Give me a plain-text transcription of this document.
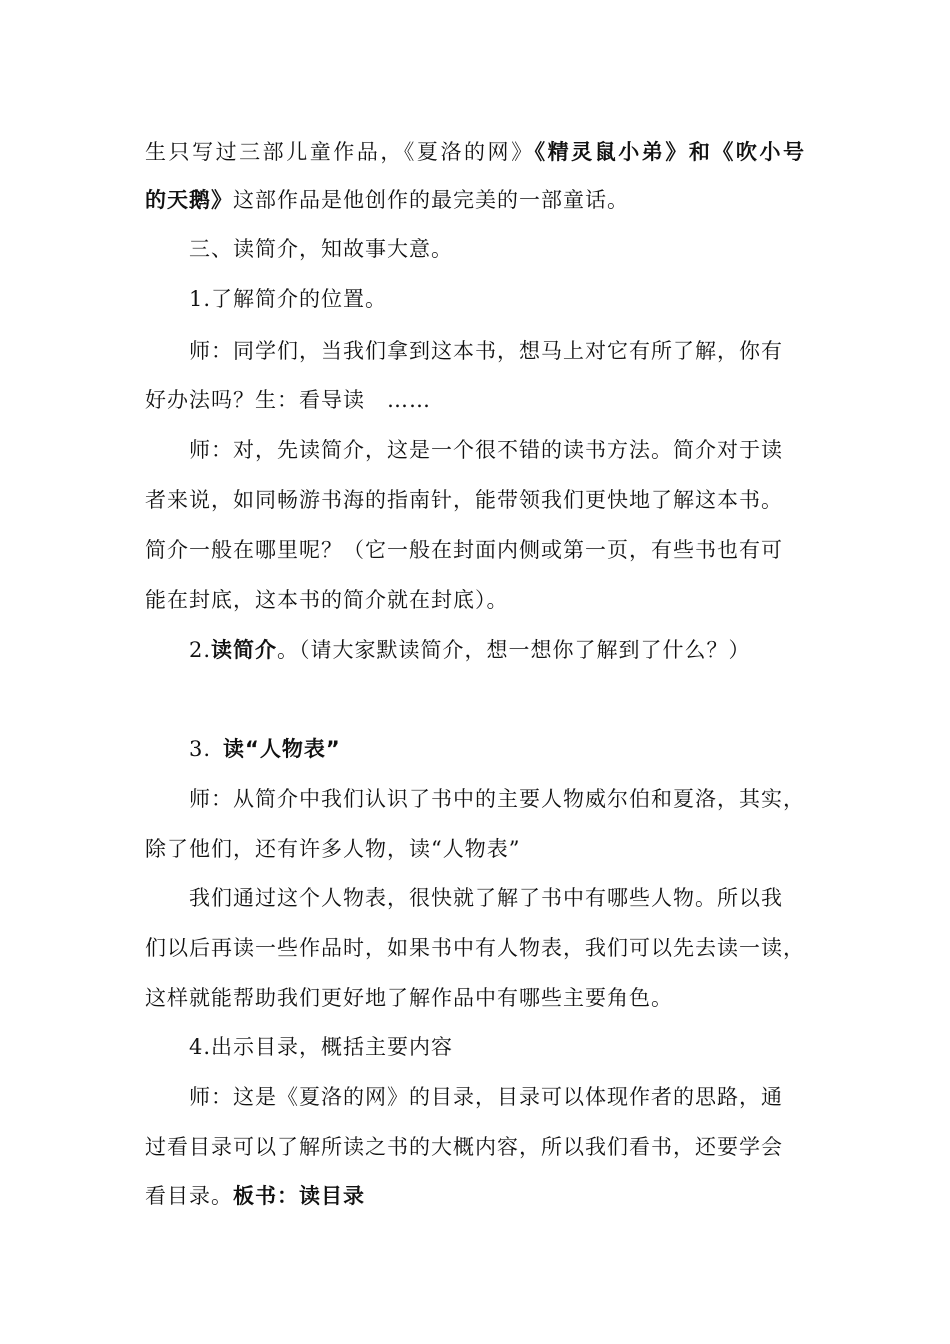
生只写过三部儿童作品，《夏洛的网》《精灵鼠小弟》和《吹小号

的天鹅》这部作品是他创作的最完美的一部童话。

三、读简介，知故事大意。

1.了解简介的位置。

师：同学们，当我们拿到这本书，想马上对它有所了解，你有

好办法吗？生：看导读　……

师：对，先读简介，这是一个很不错的读书方法。简介对于读

者来说，如同畅游书海的指南针，能带领我们更快地了解这本书。

简介一般在哪里呢？（它一般在封面内侧或第一页，有些书也有可

能在封底，这本书的简介就在封底）。

2.读简介。（请大家默读简介，想一想你了解到了什么？）

3. 读“人物表”

师：从简介中我们认识了书中的主要人物威尔伯和夏洛，其实，

除了他们，还有许多人物，读“人物表”

我们通过这个人物表，很快就了解了书中有哪些人物。所以我

们以后再读一些作品时，如果书中有人物表，我们可以先去读一读，

这样就能帮助我们更好地了解作品中有哪些主要角色。

4.出示目录，概括主要内容

师：这是《夏洛的网》的目录，目录可以体现作者的思路，通

过看目录可以了解所读之书的大概内容，所以我们看书，还要学会

看目录。板书：读目录
